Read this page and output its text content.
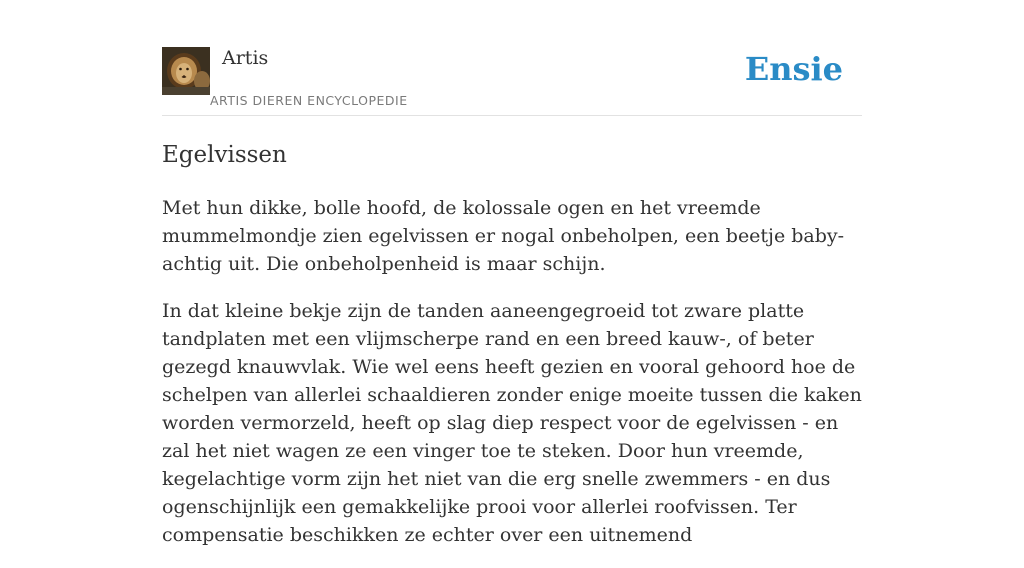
Artis
ARTIS DIEREN ENCYCLOPEDIE
Ensie
Egelvissen

Met hun dikke, bolle hoofd, de kolossale ogen en het vreemde mummelmondje zien egelvissen er nogal onbeholpen, een beetje baby-achtig uit. Die onbeholpenheid is maar schijn.

In dat kleine bekje zijn de tanden aaneengegroeid tot zware platte tandplaten met een vlijmscherpe rand en een breed kauw-, of beter gezegd knauwvlak. Wie wel eens heeft gezien en vooral gehoord hoe de schelpen van allerlei schaaldieren zonder enige moeite tussen die kaken worden vermorzeld, heeft op slag diep respect voor de egelvissen - en zal het niet wagen ze een vinger toe te steken. Door hun vreemde, kegelachtige vorm zijn het niet van die erg snelle zwemmers - en dus ogenschijnlijk een gemakkelijke prooi voor allerlei roofvissen. Ter compensatie beschikken ze echter over een uitnemend
